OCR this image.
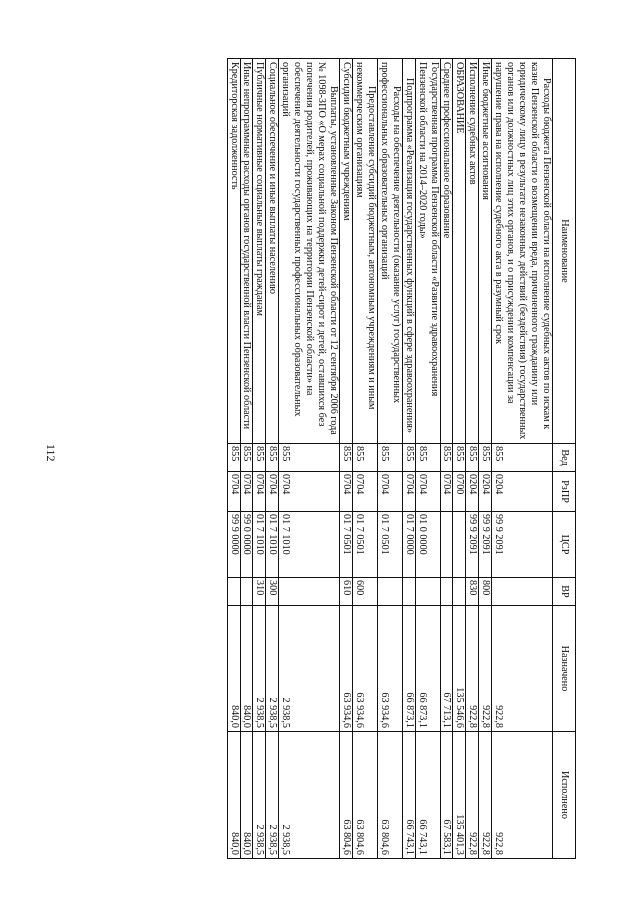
112
Наименование	Вед	РзПР	ЦСР	ВР	Назначено	Исполнено
Расходы бюджета Пензенской области на исполнение судебных актов по искам к казне Пензенской области о возмещении вреда, причиненного гражданину или юридическому лицу в результате незаконных действий (бездействия) государственных органов или должностных лиц этих органов, и о присуждении компенсации за нарушение права на исполнение судебного акта в разумный срок	855	0204	99 9 2091		922,8	922,8
Иные бюджетные ассигнования	855	0204	99 9 2091	800	922,8	922,8
Исполнение судебных актов	855	0204	99 9 2091	830	922,8	922,8
ОБРАЗОВАНИЕ	855	0700			135 546,6	135 401,3
Среднее профессиональное образование	855	0704			67 713,1	67 583,1
Государственная программа Пензенской области «Развитие здравоохранения Пензенской области на 2014–2020 годы»	855	0704	01 0 0000		66 873,1	66 743,1
Подпрограмма «Реализация государственных функций в сфере здравоохранения»	855	0704	01 7 0000		66 873,1	66 743,1
Расходы на обеспечение деятельности (оказание услуг) государственных профессиональных образовательных организаций	855	0704	01 7 0501		63 934,6	63 804,6
Предоставление субсидий бюджетным, автономным учреждениям и иным некоммерческим организациям	855	0704	01 7 0501	600	63 934,6	63 804,6
Субсидии бюджетным учреждениям	855	0704	01 7 0501	610	63 934,6	63 804,6
Выплаты, установленные Законом Пензенской области от 12 сентября 2006 года № 1098-ЗПО «О мерах социальной поддержки детей-сирот и детей, оставшихся без попечения родителей, проживающих на территории Пензенской области» на обеспечение деятельности государственных профессиональных образовательных организаций	855	0704	01 7 1010		2 938,5	2 938,5
Социальное обеспечение и иные выплаты населению	855	0704	01 7 1010	300	2 938,5	2 938,5
Публичные нормативные социальные выплаты гражданам	855	0704	01 7 1010	310	2 938,5	2 938,5
Иные непрограммные расходы органов государственной власти Пензенской области	855	0704	99 0 0000		840,0	840,0
Кредиторская задолженность	855	0704	99 9 0000		840,0	840,0
